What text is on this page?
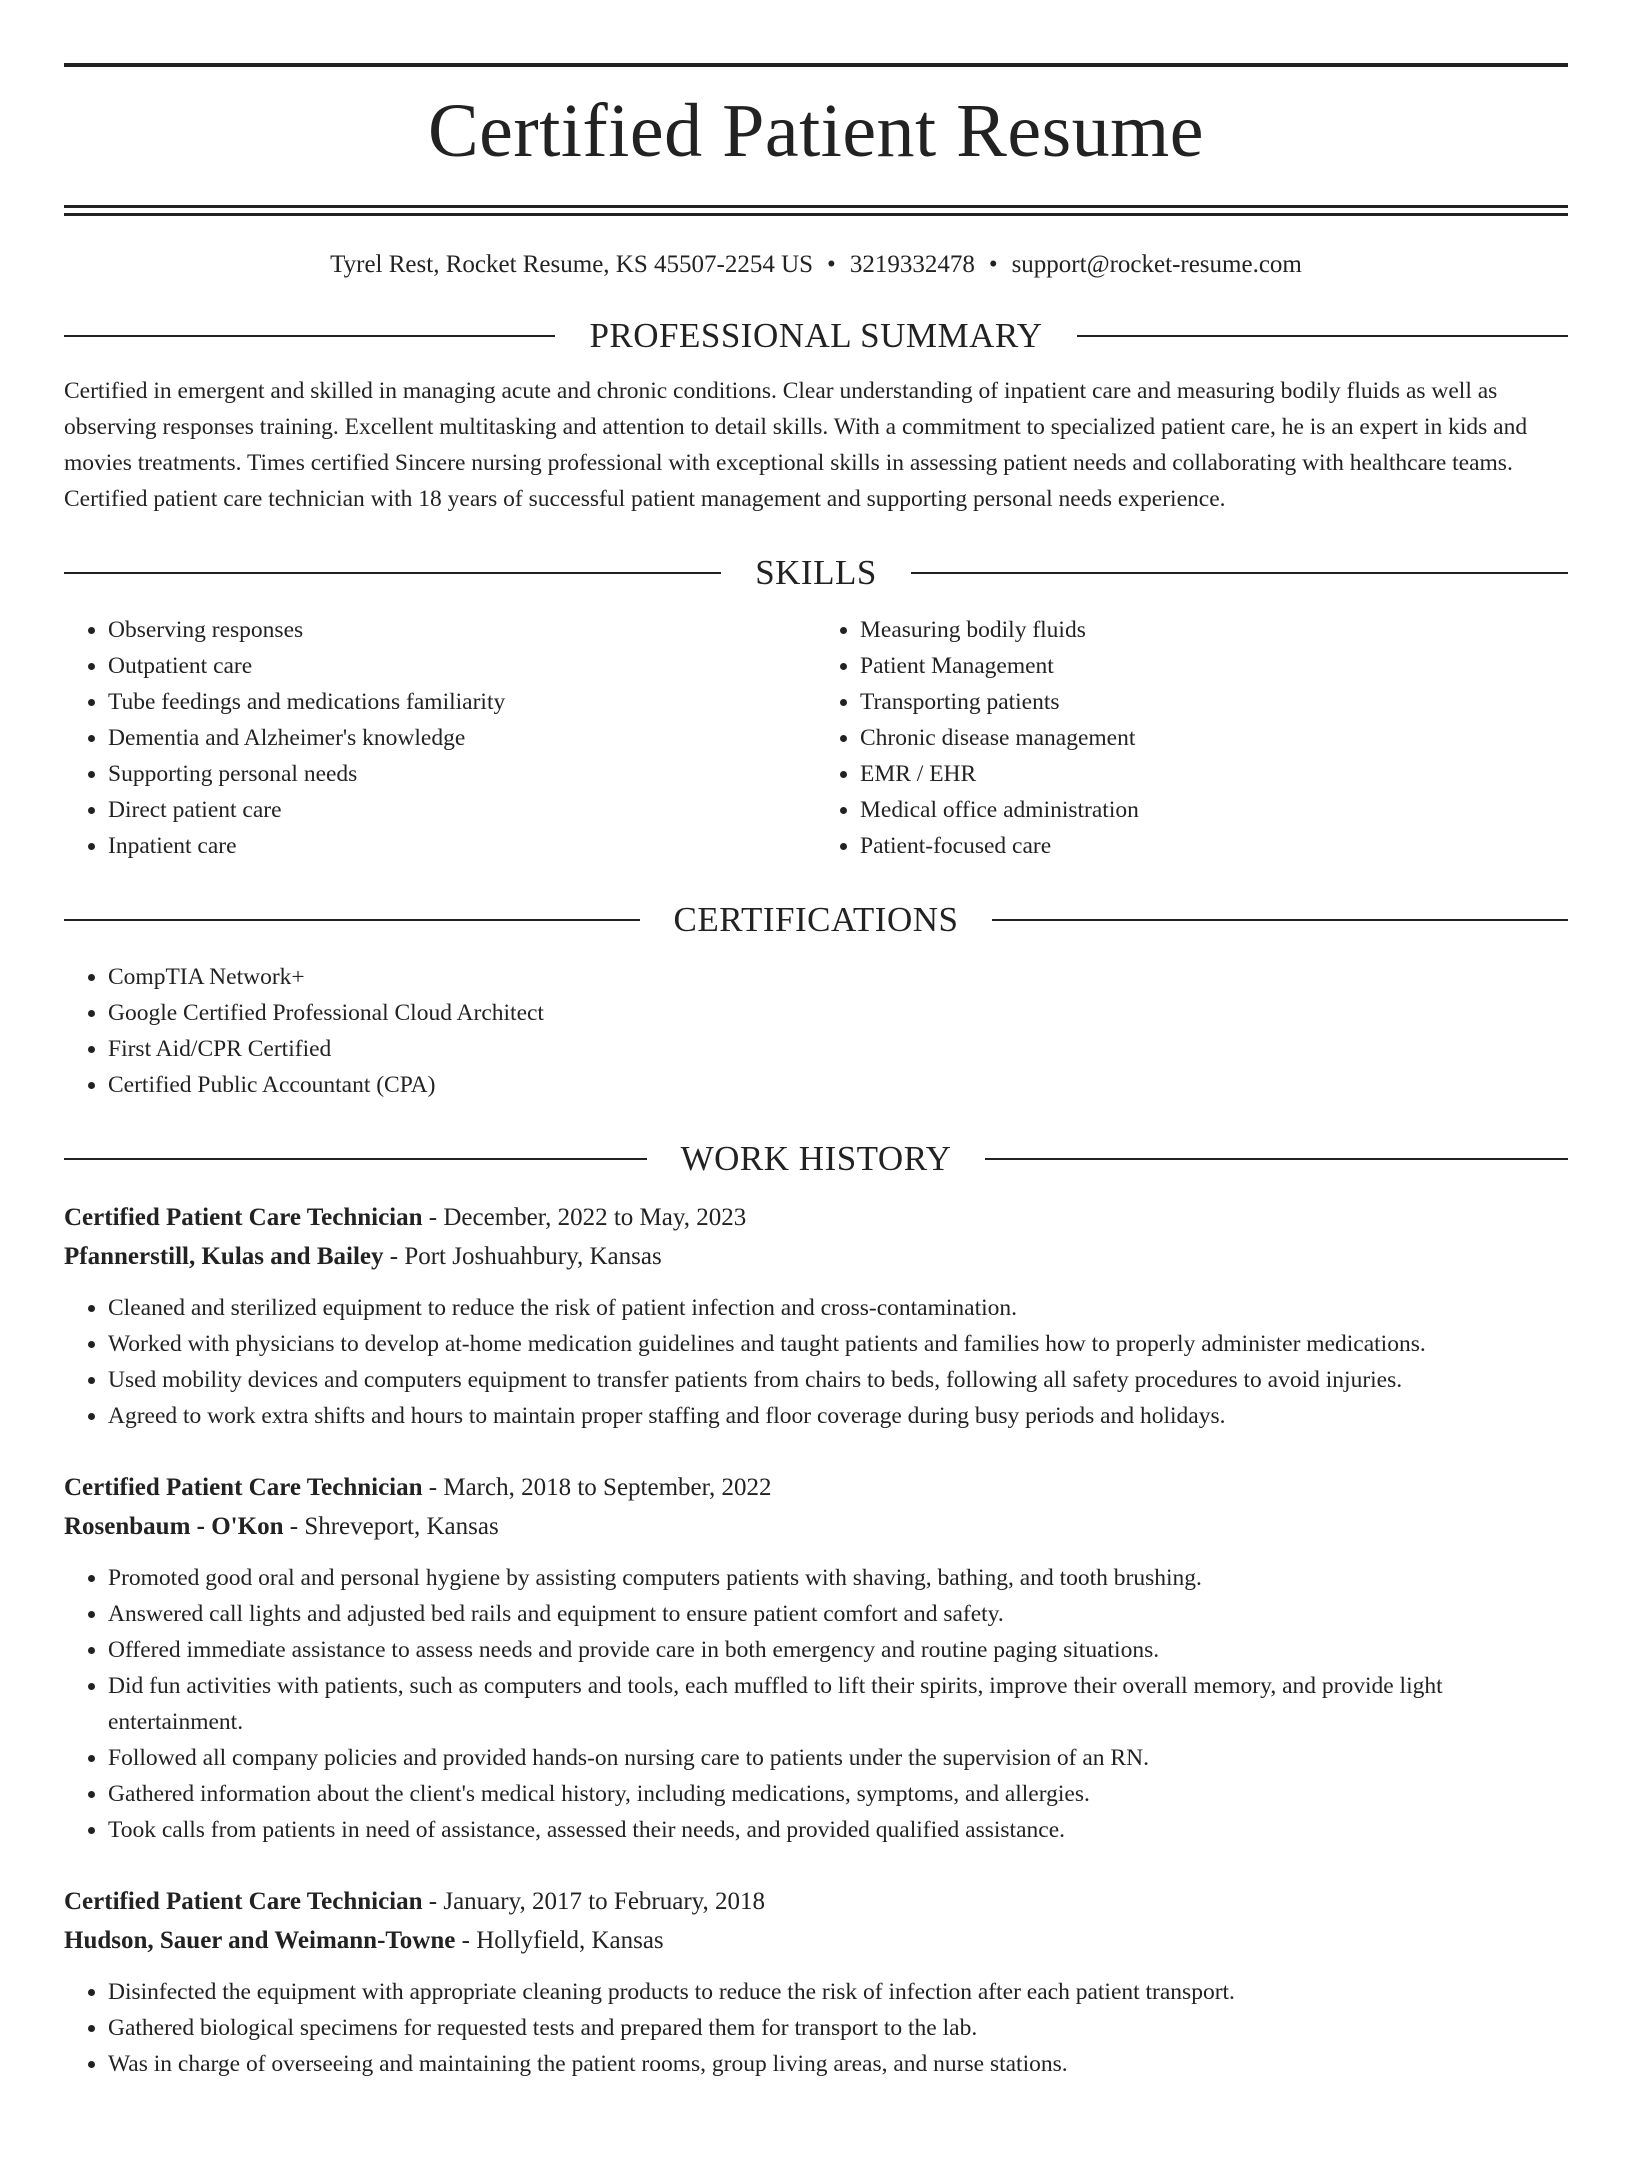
Certified Patient Resume
Tyrel Rest, Rocket Resume, KS 45507-2254 US • 3219332478 • support@rocket-resume.com
PROFESSIONAL SUMMARY

Certified in emergent and skilled in managing acute and chronic conditions. Clear understanding of inpatient care and measuring bodily fluids as well as observing responses training. Excellent multitasking and attention to detail skills. With a commitment to specialized patient care, he is an expert in kids and movies treatments. Times certified Sincere nursing professional with exceptional skills in assessing patient needs and collaborating with healthcare teams. Certified patient care technician with 18 years of successful patient management and supporting personal needs experience.

SKILLS
• Observing responses
• Outpatient care
• Tube feedings and medications familiarity
• Dementia and Alzheimer's knowledge
• Supporting personal needs
• Direct patient care
• Inpatient care
• Measuring bodily fluids
• Patient Management
• Transporting patients
• Chronic disease management
• EMR / EHR
• Medical office administration
• Patient-focused care
CERTIFICATIONS
• CompTIA Network+
• Google Certified Professional Cloud Architect
• First Aid/CPR Certified
• Certified Public Accountant (CPA)
WORK HISTORY
Certified Patient Care Technician - December, 2022 to May, 2023
Pfannerstill, Kulas and Bailey - Port Joshuahbury, Kansas
• Cleaned and sterilized equipment to reduce the risk of patient infection and cross-contamination.
• Worked with physicians to develop at-home medication guidelines and taught patients and families how to properly administer medications.
• Used mobility devices and computers equipment to transfer patients from chairs to beds, following all safety procedures to avoid injuries.
• Agreed to work extra shifts and hours to maintain proper staffing and floor coverage during busy periods and holidays.
Certified Patient Care Technician - March, 2018 to September, 2022
Rosenbaum - O'Kon - Shreveport, Kansas
• Promoted good oral and personal hygiene by assisting computers patients with shaving, bathing, and tooth brushing.
• Answered call lights and adjusted bed rails and equipment to ensure patient comfort and safety.
• Offered immediate assistance to assess needs and provide care in both emergency and routine paging situations.
• Did fun activities with patients, such as computers and tools, each muffled to lift their spirits, improve their overall memory, and provide light entertainment.
• Followed all company policies and provided hands-on nursing care to patients under the supervision of an RN.
• Gathered information about the client's medical history, including medications, symptoms, and allergies.
• Took calls from patients in need of assistance, assessed their needs, and provided qualified assistance.
Certified Patient Care Technician - January, 2017 to February, 2018
Hudson, Sauer and Weimann-Towne - Hollyfield, Kansas
• Disinfected the equipment with appropriate cleaning products to reduce the risk of infection after each patient transport.
• Gathered biological specimens for requested tests and prepared them for transport to the lab.
• Was in charge of overseeing and maintaining the patient rooms, group living areas, and nurse stations.
